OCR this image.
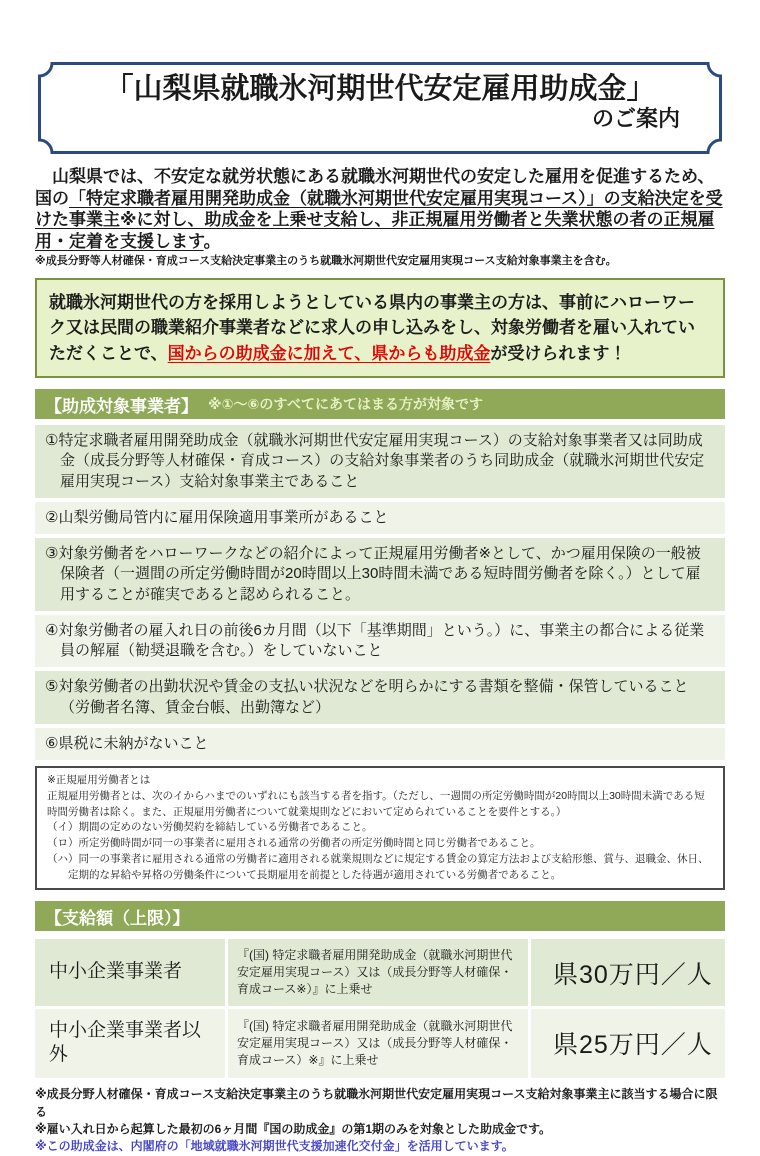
「山梨県就職氷河期世代安定雇用助成金」
のご案内

　山梨県では、不安定な就労状態にある就職氷河期世代の安定した雇用を促進するため、国の「特定求職者雇用開発助成金（就職氷河期世代安定雇用実現コース）」の支給決定を受けた事業主※に対し、助成金を上乗せ支給し、非正規雇用労働者と失業状態の者の正規雇用・定着を支援します。

※成長分野等人材確保・育成コース支給決定事業主のうち就職氷河期世代安定雇用実現コース支給対象事業主を含む。
就職氷河期世代の方を採用しようとしている県内の事業主の方は、事前にハローワーク又は民間の職業紹介事業者などに求人の申し込みをし、対象労働者を雇い入れていただくことで、国からの助成金に加えて、県からも助成金が受けられます！
【助成対象事業者】 ※①～⑥のすべてにあてはまる方が対象です
①特定求職者雇用開発助成金（就職氷河期世代安定雇用実現コース）の支給対象事業者又は同助成金（成長分野等人材確保・育成コース）の支給対象事業者のうち同助成金（就職氷河期世代安定雇用実現コース）支給対象事業主であること
②山梨労働局管内に雇用保険適用事業所があること
③対象労働者をハローワークなどの紹介によって正規雇用労働者※として、かつ雇用保険の一般被保険者（一週間の所定労働時間が20時間以上30時間未満である短時間労働者を除く。）として雇用することが確実であると認められること。
④対象労働者の雇入れ日の前後6カ月間（以下「基準期間」という。）に、事業主の都合による従業員の解雇（勧奨退職を含む。）をしていないこと
⑤対象労働者の出勤状況や賃金の支払い状況などを明らかにする書類を整備・保管していること（労働者名簿、賃金台帳、出勤簿など）
⑥県税に未納がないこと
※正規雇用労働者とは
正規雇用労働者とは、次のイからハまでのいずれにも該当する者を指す。（ただし、一週間の所定労働時間が20時間以上30時間未満である短時間労働者は除く。また、正規雇用労働者について就業規則などにおいて定められていることを要件とする。）
（イ）期間の定めのない労働契約を締結している労働者であること。
（ロ）所定労働時間が同一の事業者に雇用される通常の労働者の所定労働時間と同じ労働者であること。
（ハ）同一の事業者に雇用される通常の労働者に適用される就業規則などに規定する賃金の算定方法および支給形態、賞与、退職金、休日、定期的な昇給や昇格の労働条件について長期雇用を前提とした待遇が適用されている労働者であること。
【支給額（上限）】
中小企業事業者
『(国) 特定求職者雇用開発助成金（就職氷河期世代安定雇用実現コース）又は（成長分野等人材確保・育成コース※）』に上乗せ
県30万円／人
中小企業事業者以外
『(国) 特定求職者雇用開発助成金（就職氷河期世代安定雇用実現コース）又は（成長分野等人材確保・育成コース）※』に上乗せ
県25万円／人
※成長分野人材確保・育成コース支給決定事業主のうち就職氷河期世代安定雇用実現コース支給対象事業主に該当する場合に限る
※雇い入れ日から起算した最初の6ヶ月間『国の助成金』の第1期のみを対象とした助成金です。
※この助成金は、内閣府の「地域就職氷河期世代支援加速化交付金」を活用しています。
